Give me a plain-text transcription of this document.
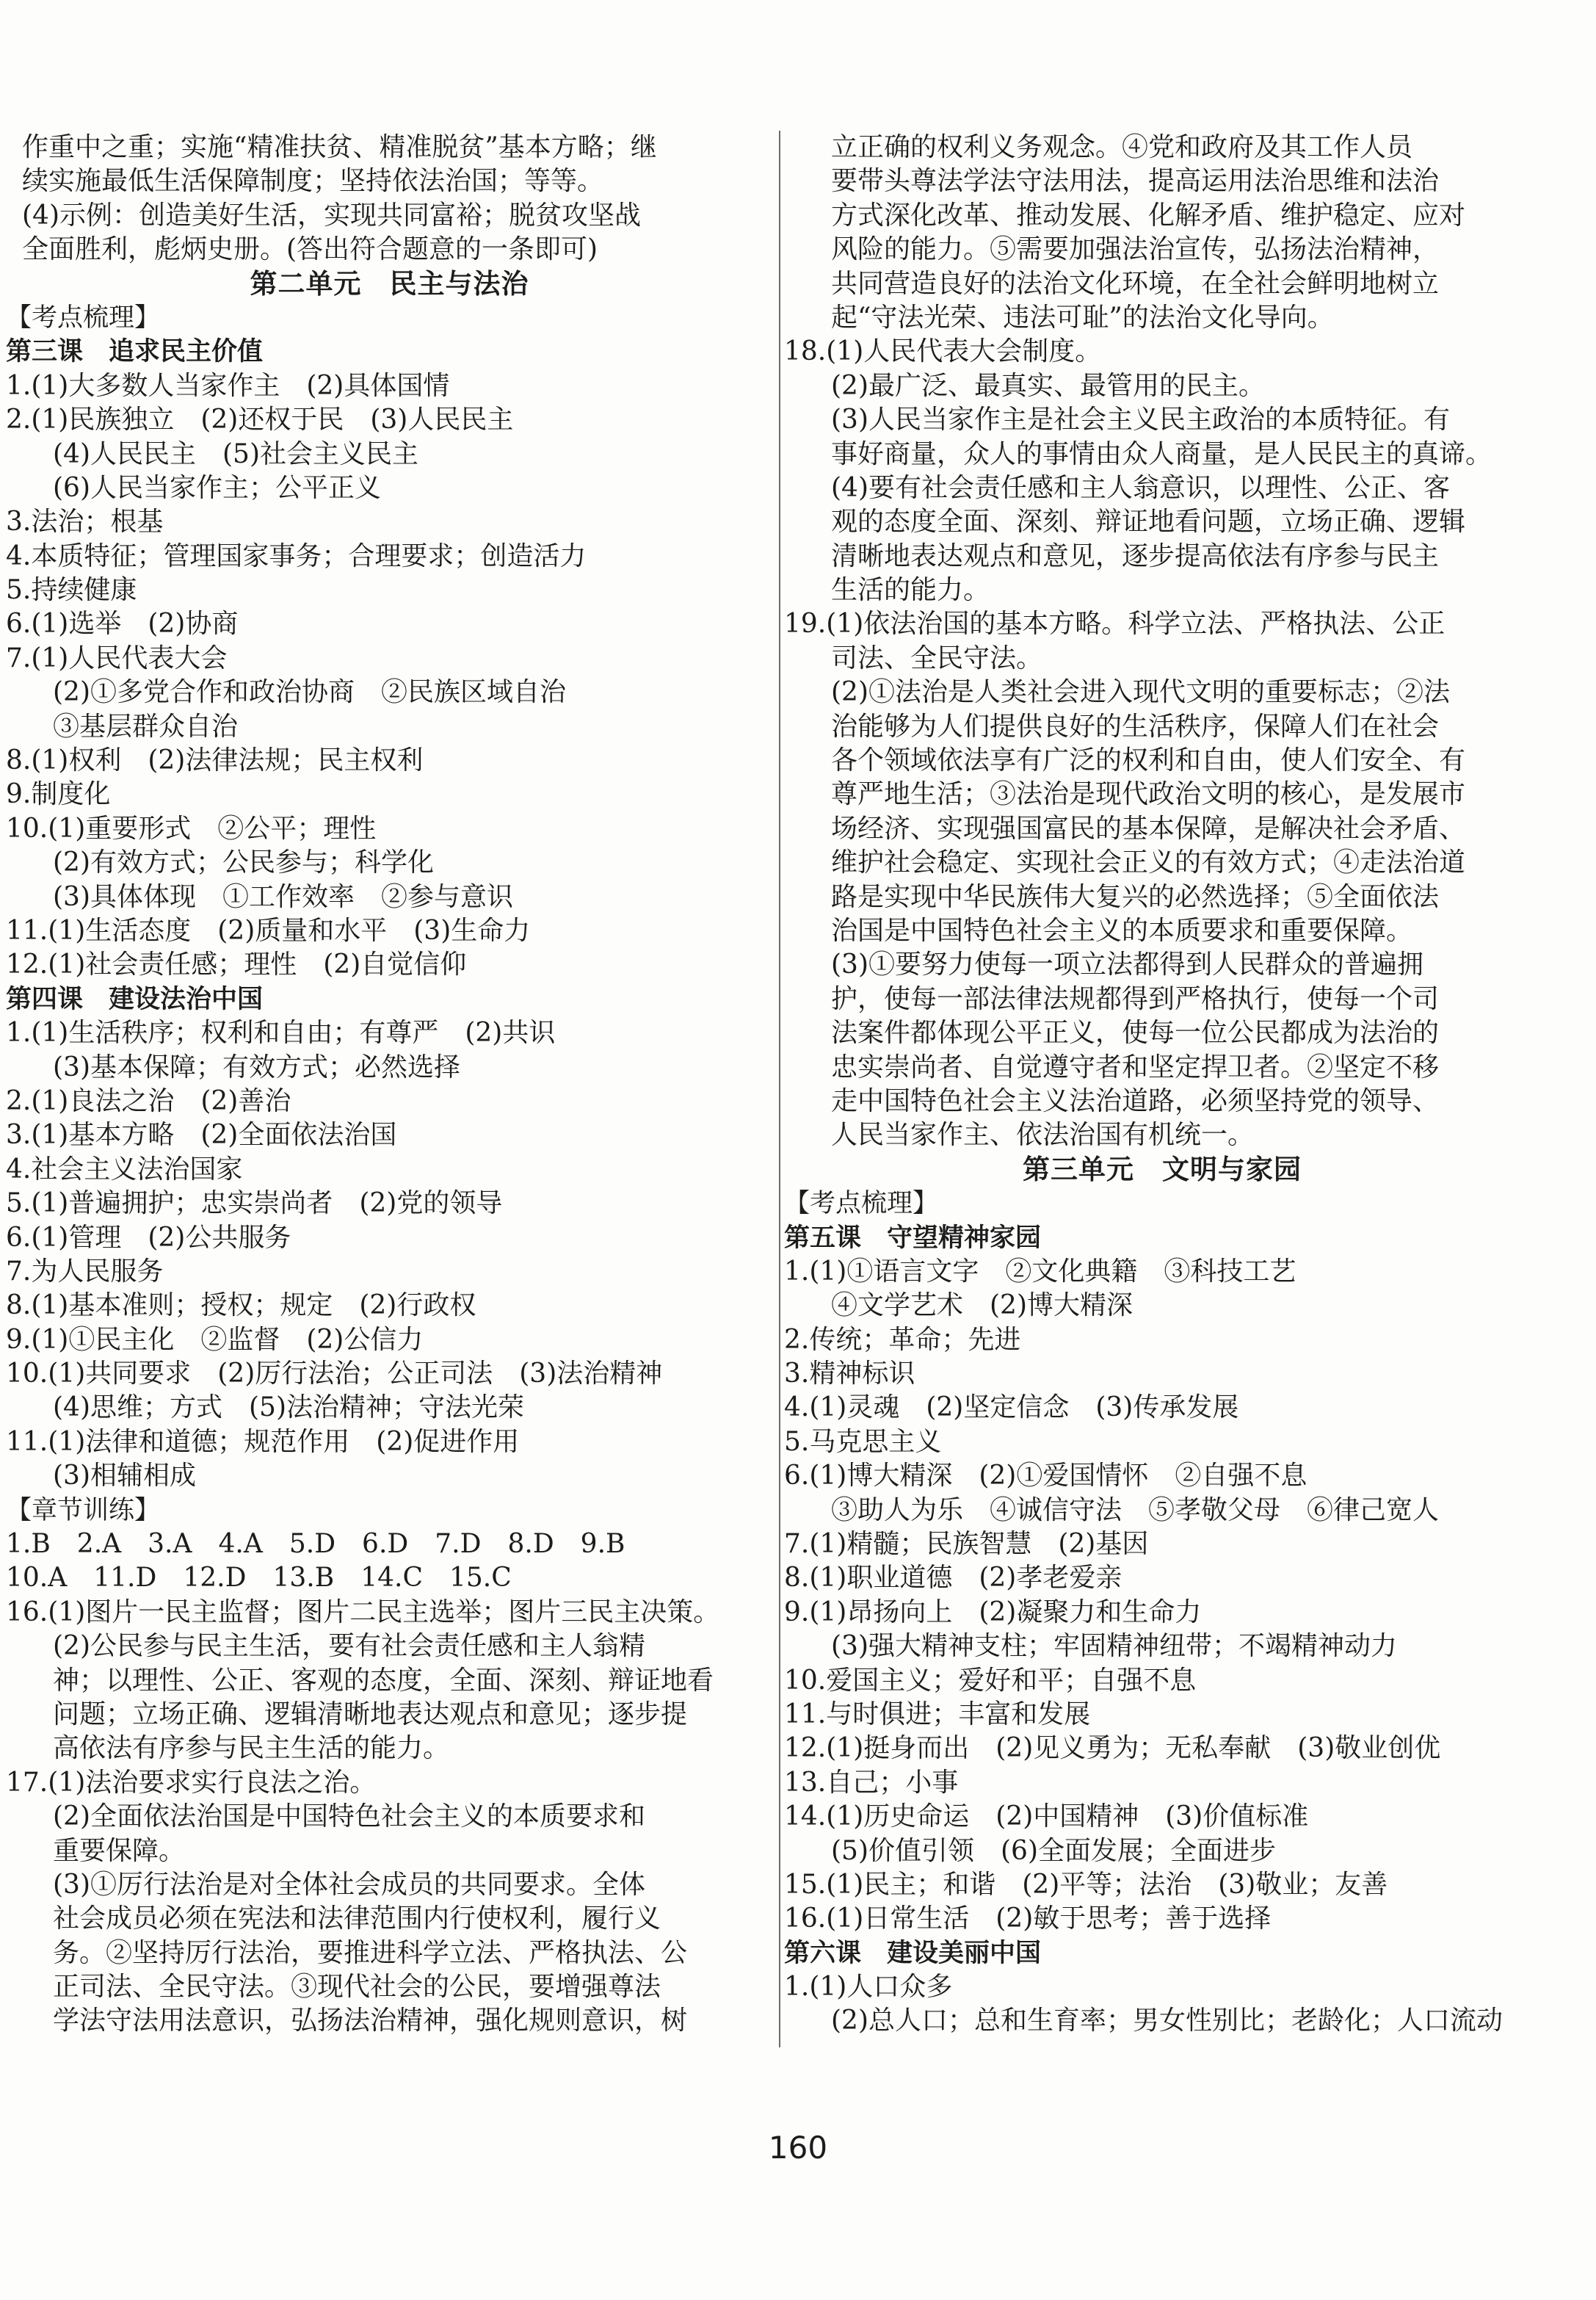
作重中之重；实施“精准扶贫、精准脱贫”基本方略；继
续实施最低生活保障制度；坚持依法治国；等等。
(4)示例：创造美好生活，实现共同富裕；脱贫攻坚战
全面胜利，彪炳史册。(答出符合题意的一条即可)
第二单元　民主与法治
【考点梳理】
第三课　追求民主价值
1.(1)大多数人当家作主　(2)具体国情
2.(1)民族独立　(2)还权于民　(3)人民民主
(4)人民民主　(5)社会主义民主
(6)人民当家作主；公平正义
3.法治；根基
4.本质特征；管理国家事务；合理要求；创造活力
5.持续健康
6.(1)选举　(2)协商
7.(1)人民代表大会
(2)①多党合作和政治协商　②民族区域自治
③基层群众自治
8.(1)权利　(2)法律法规；民主权利
9.制度化
10.(1)重要形式　②公平；理性
(2)有效方式；公民参与；科学化
(3)具体体现　①工作效率　②参与意识
11.(1)生活态度　(2)质量和水平　(3)生命力
12.(1)社会责任感；理性　(2)自觉信仰
第四课　建设法治中国
1.(1)生活秩序；权利和自由；有尊严　(2)共识
(3)基本保障；有效方式；必然选择
2.(1)良法之治　(2)善治
3.(1)基本方略　(2)全面依法治国
4.社会主义法治国家
5.(1)普遍拥护；忠实崇尚者　(2)党的领导
6.(1)管理　(2)公共服务
7.为人民服务
8.(1)基本准则；授权；规定　(2)行政权
9.(1)①民主化　②监督　(2)公信力
10.(1)共同要求　(2)厉行法治；公正司法　(3)法治精神
(4)思维；方式　(5)法治精神；守法光荣
11.(1)法律和道德；规范作用　(2)促进作用
(3)相辅相成
【章节训练】
1.B　2.A　3.A　4.A　5.D　6.D　7.D　8.D　9.B
10.A　11.D　12.D　13.B　14.C　15.C
16.(1)图片一民主监督；图片二民主选举；图片三民主决策。
(2)公民参与民主生活，要有社会责任感和主人翁精
神；以理性、公正、客观的态度，全面、深刻、辩证地看
问题；立场正确、逻辑清晰地表达观点和意见；逐步提
高依法有序参与民主生活的能力。
17.(1)法治要求实行良法之治。
(2)全面依法治国是中国特色社会主义的本质要求和
重要保障。
(3)①厉行法治是对全体社会成员的共同要求。全体
社会成员必须在宪法和法律范围内行使权利，履行义
务。②坚持厉行法治，要推进科学立法、严格执法、公
正司法、全民守法。③现代社会的公民，要增强尊法
学法守法用法意识，弘扬法治精神，强化规则意识，树
立正确的权利义务观念。④党和政府及其工作人员
要带头尊法学法守法用法，提高运用法治思维和法治
方式深化改革、推动发展、化解矛盾、维护稳定、应对
风险的能力。⑤需要加强法治宣传，弘扬法治精神，
共同营造良好的法治文化环境，在全社会鲜明地树立
起“守法光荣、违法可耻”的法治文化导向。
18.(1)人民代表大会制度。
(2)最广泛、最真实、最管用的民主。
(3)人民当家作主是社会主义民主政治的本质特征。有
事好商量，众人的事情由众人商量，是人民民主的真谛。
(4)要有社会责任感和主人翁意识，以理性、公正、客
观的态度全面、深刻、辩证地看问题，立场正确、逻辑
清晰地表达观点和意见，逐步提高依法有序参与民主
生活的能力。
19.(1)依法治国的基本方略。科学立法、严格执法、公正
司法、全民守法。
(2)①法治是人类社会进入现代文明的重要标志；②法
治能够为人们提供良好的生活秩序，保障人们在社会
各个领域依法享有广泛的权利和自由，使人们安全、有
尊严地生活；③法治是现代政治文明的核心，是发展市
场经济、实现强国富民的基本保障，是解决社会矛盾、
维护社会稳定、实现社会正义的有效方式；④走法治道
路是实现中华民族伟大复兴的必然选择；⑤全面依法
治国是中国特色社会主义的本质要求和重要保障。
(3)①要努力使每一项立法都得到人民群众的普遍拥
护，使每一部法律法规都得到严格执行，使每一个司
法案件都体现公平正义，使每一位公民都成为法治的
忠实崇尚者、自觉遵守者和坚定捍卫者。②坚定不移
走中国特色社会主义法治道路，必须坚持党的领导、
人民当家作主、依法治国有机统一。
第三单元　文明与家园
【考点梳理】
第五课　守望精神家园
1.(1)①语言文字　②文化典籍　③科技工艺
④文学艺术　(2)博大精深
2.传统；革命；先进
3.精神标识
4.(1)灵魂　(2)坚定信念　(3)传承发展
5.马克思主义
6.(1)博大精深　(2)①爱国情怀　②自强不息
③助人为乐　④诚信守法　⑤孝敬父母　⑥律己宽人
7.(1)精髓；民族智慧　(2)基因
8.(1)职业道德　(2)孝老爱亲
9.(1)昂扬向上　(2)凝聚力和生命力
(3)强大精神支柱；牢固精神纽带；不竭精神动力
10.爱国主义；爱好和平；自强不息
11.与时俱进；丰富和发展
12.(1)挺身而出　(2)见义勇为；无私奉献　(3)敬业创优
13.自己；小事
14.(1)历史命运　(2)中国精神　(3)价值标准
(5)价值引领　(6)全面发展；全面进步
15.(1)民主；和谐　(2)平等；法治　(3)敬业；友善
16.(1)日常生活　(2)敏于思考；善于选择
第六课　建设美丽中国
1.(1)人口众多
(2)总人口；总和生育率；男女性别比；老龄化；人口流动
160
